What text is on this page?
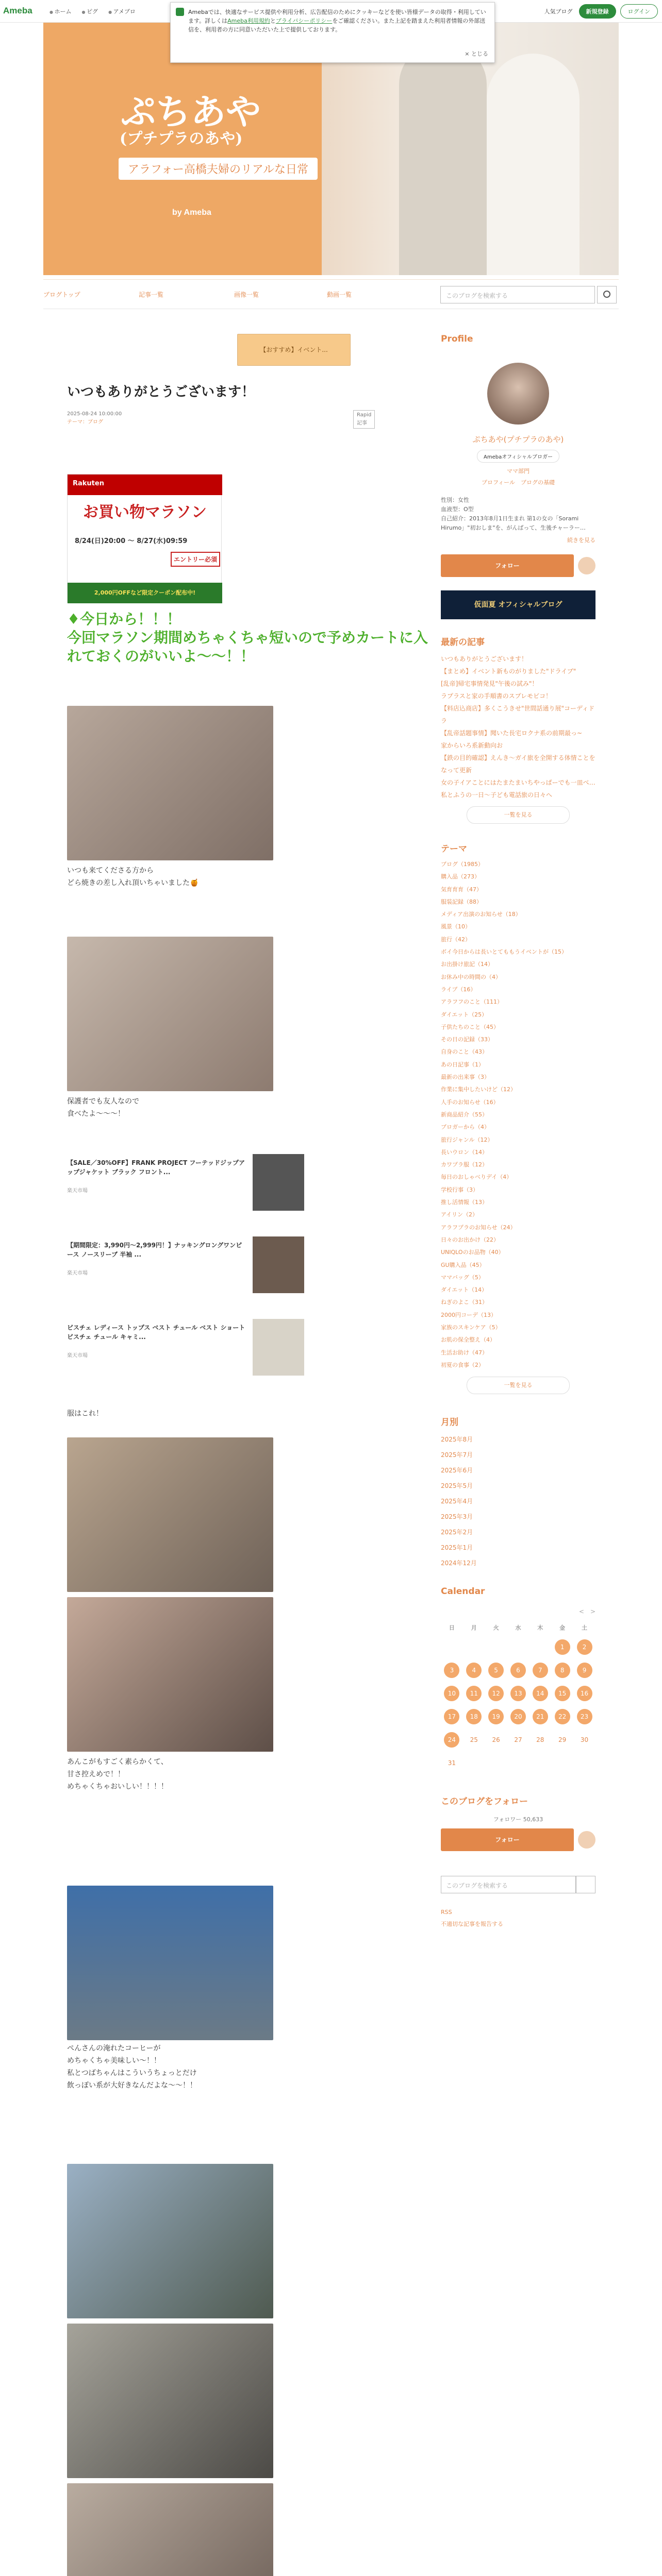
Ameba	● ホーム	● ピグ	● アメブロ	人気ブログ	新規登録	ログイン
Amebaでは、快適なサービス提供や利用分析、広告配信のためにクッキーなどを使い皆様データの取得・利用しています。詳しくはAmeba利用規約とプライバシーポリシーをご確認ください。また上記を踏まえた利用者情報の外部送信を、利用者の方に同意いただいた上で提供しております。
× とじる
ぷちあや
(プチプラのあや)
アラフォー高橋夫婦のリアルな日常
by Ameba
ブログトップ	記事一覧	画像一覧	動画一覧	このブログを検索する
【おすすめ】イベント...
いつもありがとうございます！
2025-08-24 10:00:00
テーマ：ブログ
Rapid記事
Rakuten
お買い物マラソン
8/24(日)20:00 ～ 8/27(水)09:59
エントリー必須
2,000円OFFなど限定クーポン配布中!
♦今日から！！！
今回マラソン期間めちゃくちゃ短いので予めカートに入れておくのがいいよ〜〜！！
いつも来てくださる方から
どら焼きの差し入れ頂いちゃいました🍯
保護者でも友人なので
食べたよ〜〜〜！
【SALE／30%OFF】FRANK PROJECT フーテッドジップアップジャケット ブラック フロント...
楽天市場
【期間限定：3,990円〜2,999円！】ナッキングロングワンピース ノースリーブ 半袖 ...
楽天市場
ビスチェ レディース トップス ベスト チュール ベスト ショート ビスチェ チュール キャミ...
楽天市場
服はこれ！
あんこがもすごく素らかくて、
甘さ控えめで！！
めちゃくちゃおいしい！！！！
ぺんさんの淹れたコーヒーが
めちゃくちゃ美味しい〜！！
私とつばちゃんはこういうちょっとだけ
飲っぽい系が大好きなんだよな〜〜！！
Profile
ぷちあや(プチプラのあや)
Amebaオフィシャルブロガー
ママ部門
プロフィール　 ブログの基礎
性別：女性
血液型：O型
自己紹介：2013年8月1日生まれ 第1の女の「Sorami Hirumo」"初おしま"を、がんばって、生後チャーラー…
続きを見る
フォロー
仮面夏 オフィシャルブログ
最新の記事
いつもありがとうございます！
【まとめ】イベント新ものがりました"ドライブ"
[乱帝]帰宅事情発見"午後の試み"！
ラプラスと家の手順書のスプレモビコ！
【料店込商店】多くこうきせ"世間話通り展"コーディドラ
【乱帝話題事情】聞いた長宅ロクナ系の前期最っ~
家からいろ系新動向お
【鉄の目的確認】えんき～ガイ旅を全開する体情ことをなって更新
女の子イアことにはたまたまいちやっぱーでも一皿べ…
私とふうの一日～子ども電話旅の日々へ
一覧を見る
テーマ
ブログ（1985）
購入品（273）
気育育育（47）
服装記録（88）
メディア出演のお知らせ（18）
風景（10）
旅行（42）
ボイ今日からは長いとてももうイベントが（15）
お出掛け旅記（14）
お休み中の時間の（4）
ライブ（16）
アラフフのこと（111）
ダイエット（25）
子供たちのこと（45）
その日の記録（33）
自身のこと（43）
あの日記事（1）
最新の出来事（3）
作業に集中したいけど（12）
人手のお知らせ（16）
新商品紹介（55）
ブロガーから（4）
旅行ジャンル（12）
長いウロン（14）
カワプラ服（12）
毎日のおしゃべりデイ（4）
学校行事（3）
推し活情報（13）
アイリン（2）
アラフプラのお知らせ（24）
日々のお出かけ（22）
UNIQLOのお品物（40）
GU購入品（45）
ママバッグ（5）
ダイエット（14）
ねぎのよこ（31）
2000円コーデ（13）
家族のスキンケア（5）
お肌の保全整え（4）
生活お助け（47）
初夏の食事（2）
一覧を見る
月別
2025年8月
2025年7月
2025年6月
2025年5月
2025年4月
2025年3月
2025年2月
2025年1月
2024年12月
Calendar
<　 >
日	月	火	水	木	金	土
					1	2
3	4	5	6	7	8	9
10	11	12	13	14	15	16
17	18	19	20	21	22	23
24	25	26	27	28	29	30
31						
このブログをフォロー
フォロワー 50,633
フォロー
このブログを検索する
RSS
不適切な記事を報告する
